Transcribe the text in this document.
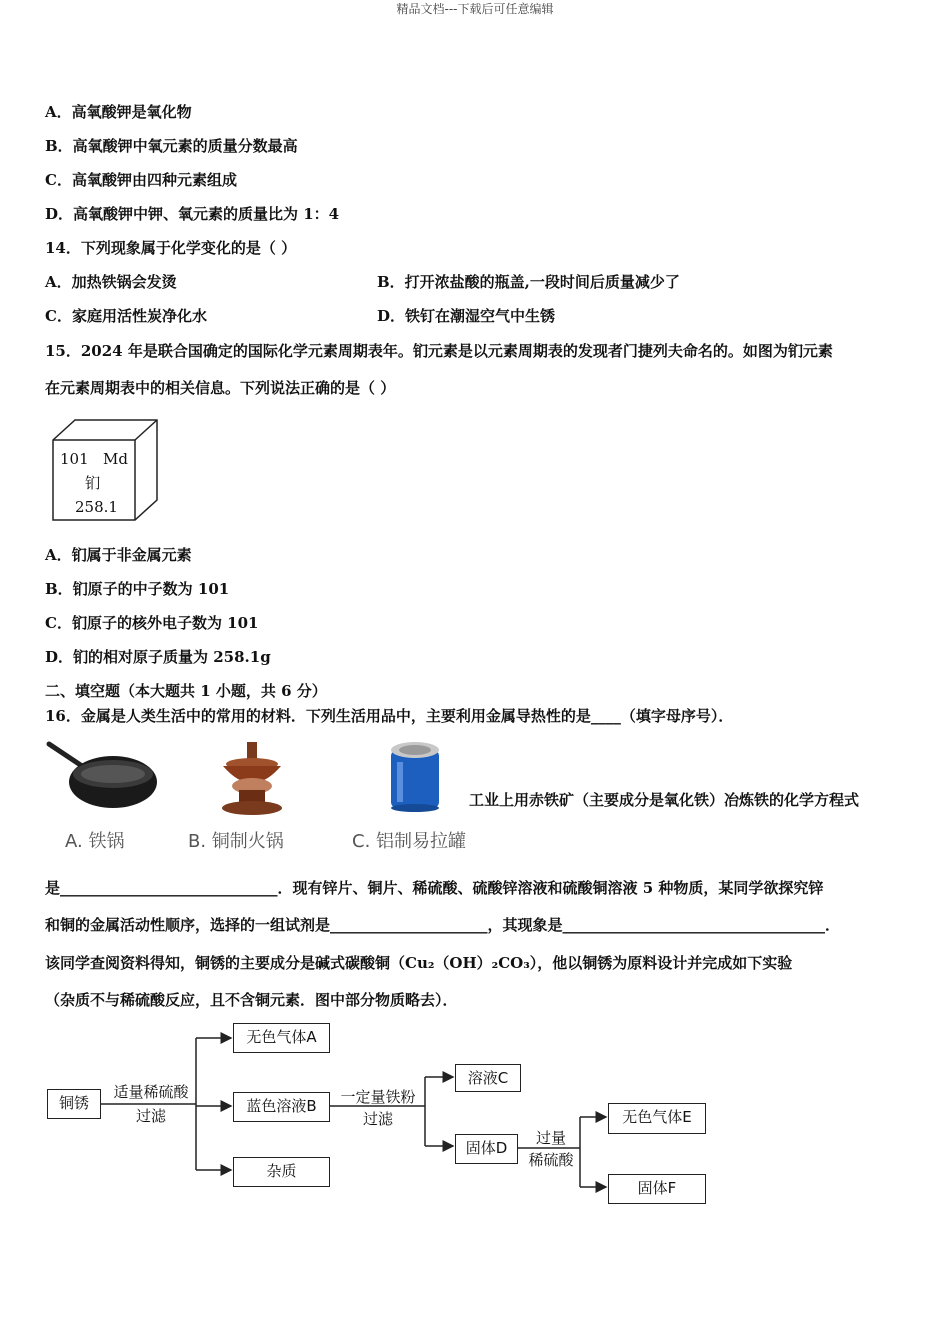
精品文档---下载后可任意编辑
A．高氧酸钾是氧化物
B．高氧酸钾中氧元素的质量分数最高
C．高氧酸钾由四种元素组成
D．高氧酸钾中钾、氧元素的质量比为 1：4
14．下列现象属于化学变化的是（ ）
A．加热铁锅会发烫	B．打开浓盐酸的瓶盖,一段时间后质量减少了
C．家庭用活性炭净化水	D．铁钉在潮湿空气中生锈
15．2024 年是联合国确定的国际化学元素周期表年。钔元素是以元素周期表的发现者门捷列夫命名的。如图为钔元素
在元素周期表中的相关信息。下列说法正确的是（ ）
101 Md
钔
258.1
A．钔属于非金属元素
B．钔原子的中子数为 101
C．钔原子的核外电子数为 101
D．钔的相对原子质量为 258.1g
二、填空题（本大题共 1 小题，共 6 分）
16．金属是人类生活中的常用的材料．下列生活用品中，主要利用金属导热性的是____（填字母序号）．
A. 铁锅	B. 铜制火锅	C. 铝制易拉罐
工业上用赤铁矿（主要成分是氧化铁）冶炼铁的化学方程式
是_____________________________．现有锌片、铜片、稀硫酸、硫酸锌溶液和硫酸铜溶液 5 种物质，某同学欲探究锌
和铜的金属活动性顺序，选择的一组试剂是_____________________，其现象是___________________________________．
该同学查阅资料得知，铜锈的主要成分是碱式碳酸铜（Cu₂（OH）₂CO₃），他以铜锈为原料设计并完成如下实验
（杂质不与稀硫酸反应，且不含铜元素．图中部分物质略去）．
铜锈
适量稀硫酸
过滤
无色气体A
蓝色溶液B
杂质
一定量铁粉
过滤
溶液C
固体D
过量
稀硫酸
无色气体E
固体F
